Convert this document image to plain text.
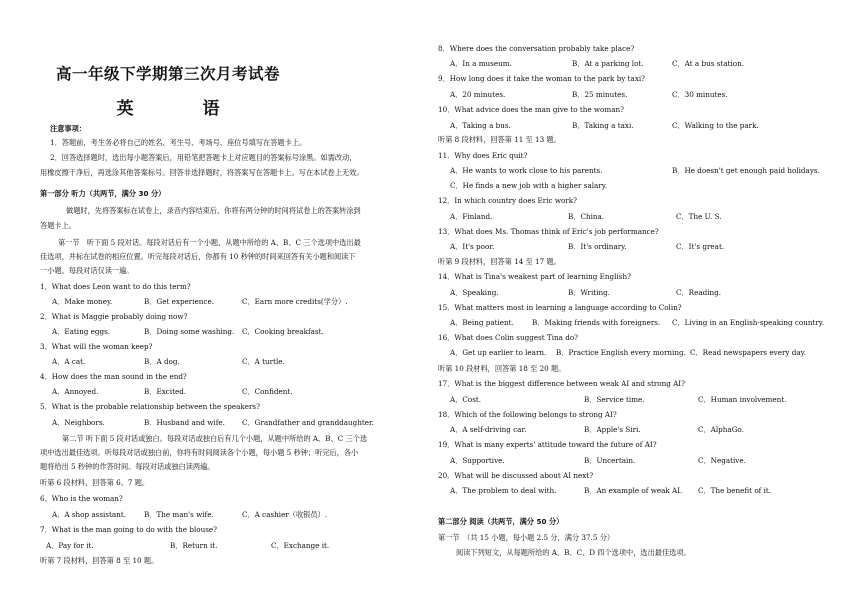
高一年级下学期第三次月考试卷
英　语
注意事项：
1．答题前，考生务必将自己的姓名、考生号、考场号、座位号填写在答题卡上。
2．回答选择题时，选出每小题答案后，用铅笔把答题卡上对应题目的答案标号涂黑。如需改动，
用橡皮擦干净后，再选涂其他答案标号。回答非选择题时，将答案写在答题卡上。写在本试卷上无效。
第一部分 听力（共两节，满分 30 分）
做题时，先将答案标在试卷上，录音内容结束后，你将有两分钟的时间将试卷上的答案转涂到
答题卡上。
第一节　听下面 5 段对话。每段对话后有一个小题，从题中所给的 A、B、C 三个选项中选出最
佳选项，并标在试卷的相应位置。听完每段对话后，你都有 10 秒钟的时间来回答有关小题和阅读下
一小题。每段对话仅读一遍。
1．What does Leon want to do this term?
A．Make money.	B．Get experience.	C．Earn more credits(学分）.
2．What is Maggie probably doing now?
A．Eating eggs.	B．Doing some washing. C．Cooking breakfast.
3．What will the woman keep?
A．A cat.	B．A dog.	C．A turtle.
4．How does the man sound in the end?
A．Annoyed.	B．Excited.	C．Confident.
5．What is the probable relationship between the speakers?
A．Neighbors.	B．Husband and wife. C．Grandfather and granddaughter.
第二节 听下面 5 段对话或独白。每段对话或独白后有几个小题，从题中所给的 A、B、C 三个选
项中选出最佳选项。听每段对话或独白前，你将有时间阅读各个小题，每小题 5 秒钟；听完后，各小
题将给出 5 秒钟的作答时间。每段对话或独白读两遍。
听第 6 段材料，回答第 6、7 题。
6．Who is the woman?
A．A shop assistant. B．The man's wife.	C．A cashier（收银员）.
7．What is the man going to do with the blouse?
A．Pay for it.	B．Return it.	C．Exchange it.
听第 7 段材料，回答第 8 至 10 题。
8．Where does the conversation probably take place?
A．In a museum.	B．At a parking lot.	C．At a bus station.
9．How long does it take the woman to the park by taxi?
A．20 minutes.	B．25 minutes.	C．30 minutes.
10．What advice does the man give to the woman?
A．Taking a bus.	B．Taking a taxi.	C．Walking to the park.
听第 8 段材料，回答第 11 至 13 题。
11．Why does Eric quit?
A．He wants to work close to his parents.	B．He doesn't get enough paid holidays.
C．He finds a new job with a higher salary.
12．In which country does Eric work?
A．Finland.	B．China.	C．The U. S.
13．What does Ms. Thomas think of Eric's job performance?
A．It's poor.	B．It's ordinary.	C．It's great.
听第 9 段材料，回答第 14 至 17 题。
14．What is Tina's weakest part of learning English?
A．Speaking.	B．Writing.	C．Reading.
15．What matters most in learning a language according to Colin?
A．Being patient.	B．Making friends with foreigners. C．Living in an English-speaking country.
16．What does Colin suggest Tina do?
A．Get up earlier to learn. B．Practice English every morning. C．Read newspapers every day.
听第 10 段材料，回答第 18 至 20 题。
17．What is the biggest difference between weak AI and strong AI?
A．Cost.	B．Service time.	C．Human involvement.
18．Which of the following belongs to strong AI?
A．A self-driving car.	B．Apple's Siri.	C．AlphaGo.
19．What is many experts' attitude toward the future of AI?
A．Supportive.	B．Uncertain.	C．Negative.
20．What will be discussed about AI next?
A．The problem to deal with.	B．An example of weak AI. C．The benefit of it.
第二部分 阅读（共两节，满分 50 分）
第一节　（共 15 小题，每小题 2.5 分，满分 37.5 分）
阅读下列短文，从每题所给的 A、B、C、D 四个选项中，选出最佳选项。
